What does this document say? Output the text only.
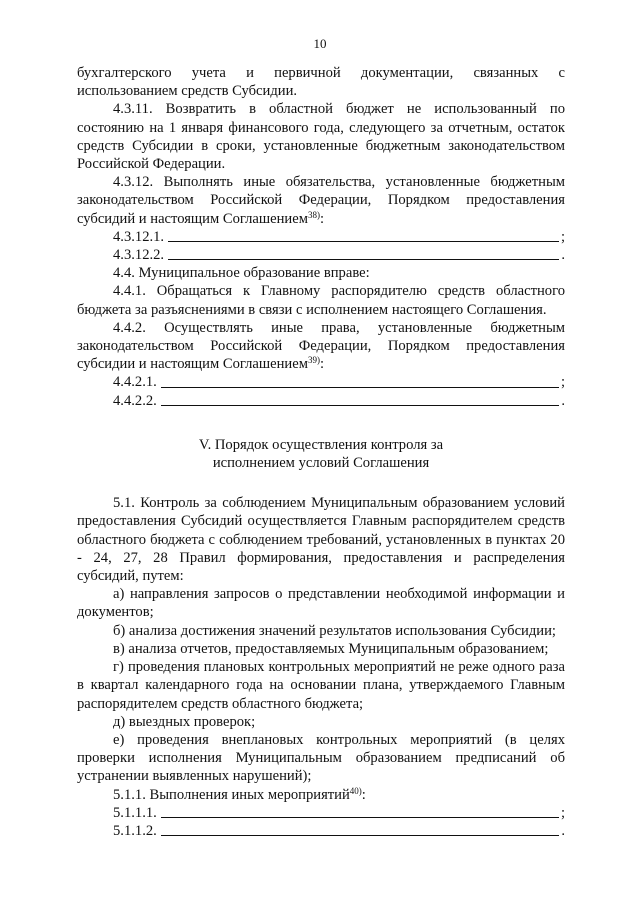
10

бухгалтерского учета и первичной документации, связанных с использованием средств Субсидии.

4.3.11. Возвратить в областной бюджет не использованный по состоянию на 1 января финансового года, следующего за отчетным, остаток средств Субсидии в сроки, установленные бюджетным законодательством Российской Федерации.

4.3.12. Выполнять иные обязательства, установленные бюджетным законодательством Российской Федерации, Порядком предоставления субсидий и настоящим Соглашением$^{38)}$:

4.3.12.1.	;

4.3.12.2.	.

4.4. Муниципальное образование вправе:

4.4.1. Обращаться к Главному распорядителю средств областного бюджета за разъяснениями в связи с исполнением настоящего Соглашения.

4.4.2. Осуществлять иные права, установленные бюджетным законодательством Российской Федерации, Порядком предоставления субсидии и настоящим Соглашением$^{39)}$:

4.4.2.1.	;

4.4.2.2.	.

V. Порядок осуществления контроля за
исполнением условий Соглашения

5.1. Контроль за соблюдением Муниципальным образованием условий предоставления Субсидий осуществляется Главным распорядителем средств областного бюджета с соблюдением требований, установленных в пунктах 20 - 24, 27, 28 Правил формирования, предоставления и распределения субсидий, путем:

а) направления запросов о представлении необходимой информации и документов;

б) анализа достижения значений результатов использования Субсидии;

в) анализа отчетов, предоставляемых Муниципальным образованием;

г) проведения плановых контрольных мероприятий не реже одного раза в квартал календарного года на основании плана, утверждаемого Главным распорядителем средств областного бюджета;

д) выездных проверок;

е) проведения внеплановых контрольных мероприятий (в целях проверки исполнения Муниципальным образованием предписаний об устранении выявленных нарушений);

5.1.1. Выполнения иных мероприятий$^{40)}$:

5.1.1.1.	;

5.1.1.2.	.
